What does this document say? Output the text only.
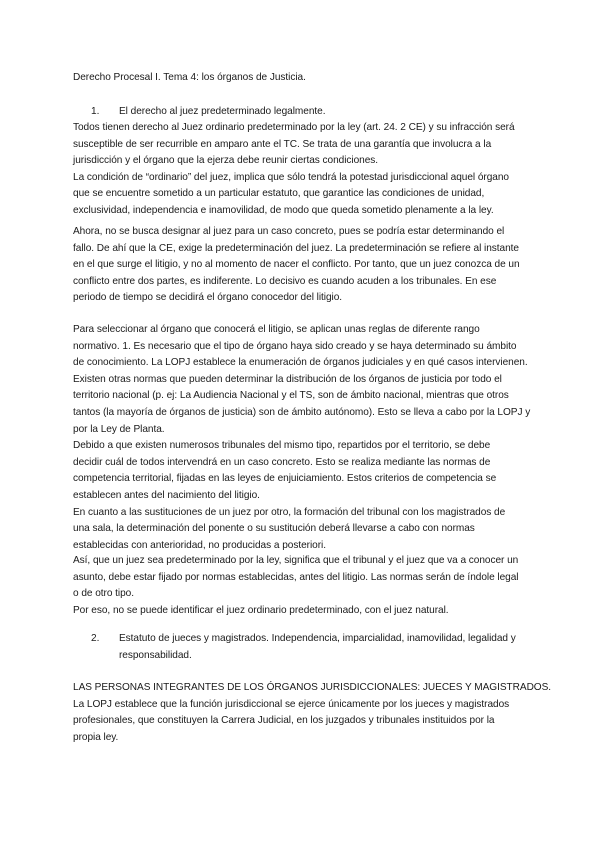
Derecho Procesal I. Tema 4: los órganos de Justicia.

1. El derecho al juez predeterminado legalmente.

Todos tienen derecho al Juez ordinario predeterminado por la ley (art. 24. 2 CE) y su infracción será

susceptible de ser recurrible en amparo ante el TC. Se trata de una garantía que involucra a la

jurisdicción y el órgano que la ejerza debe reunir ciertas condiciones.

La condición de “ordinario” del juez, implica que sólo tendrá la potestad jurisdiccional aquel órgano

que se encuentre sometido a un particular estatuto, que garantice las condiciones de unidad,

exclusividad, independencia e inamovilidad, de modo que queda sometido plenamente a la ley.

Ahora, no se busca designar al juez para un caso concreto, pues se podría estar determinando el

fallo. De ahí que la CE, exige la predeterminación del juez. La predeterminación se refiere al instante

en el que surge el litigio, y no al momento de nacer el conflicto. Por tanto, que un juez conozca de un

conflicto entre dos partes, es indiferente. Lo decisivo es cuando acuden a los tribunales. En ese

periodo de tiempo se decidirá el órgano conocedor del litigio.

Para seleccionar al órgano que conocerá el litigio, se aplican unas reglas de diferente rango

normativo. 1. Es necesario que el tipo de órgano haya sido creado y se haya determinado su ámbito

de conocimiento. La LOPJ establece la enumeración de órganos judiciales y en qué casos intervienen.

Existen otras normas que pueden determinar la distribución de los órganos de justicia por todo el

territorio nacional (p. ej: La Audiencia Nacional y el TS, son de ámbito nacional, mientras que otros

tantos (la mayoría de órganos de justicia) son de ámbito autónomo). Esto se lleva a cabo por la LOPJ y

por la Ley de Planta.

Debido a que existen numerosos tribunales del mismo tipo, repartidos por el territorio, se debe

decidir cuál de todos intervendrá en un caso concreto. Esto se realiza mediante las normas de

competencia territorial, fijadas en las leyes de enjuiciamiento. Estos criterios de competencia se

establecen antes del nacimiento del litigio.

En cuanto a las sustituciones de un juez por otro, la formación del tribunal con los magistrados de

una sala, la determinación del ponente o su sustitución deberá llevarse a cabo con normas

establecidas con anterioridad, no producidas a posteriori.

Así, que un juez sea predeterminado por la ley, significa que el tribunal y el juez que va a conocer un

asunto, debe estar fijado por normas establecidas, antes del litigio. Las normas serán de índole legal

o de otro tipo.

Por eso, no se puede identificar el juez ordinario predeterminado, con el juez natural.

2. Estatuto de jueces y magistrados. Independencia, imparcialidad, inamovilidad, legalidad y
responsabilidad.

LAS PERSONAS INTEGRANTES DE LOS ÓRGANOS JURISDICCIONALES: JUECES Y MAGISTRADOS.

La LOPJ establece que la función jurisdiccional se ejerce únicamente por los jueces y magistrados

profesionales, que constituyen la Carrera Judicial, en los juzgados y tribunales instituidos por la

propia ley.
